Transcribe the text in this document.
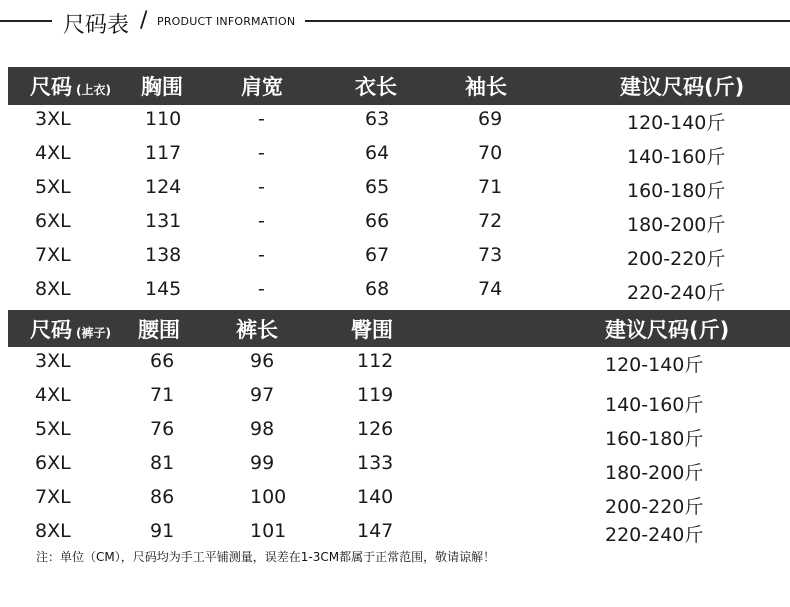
尺码表 / PRODUCT INFORMATION
尺码 (上衣) 胸围	肩宽	衣长	袖长	建议尺码(斤)
3XL	110	-	63	69	120-140斤
4XL	117	-	64	70	140-160斤
5XL	124	-	65	71	160-180斤
6XL	131	-	66	72	180-200斤
7XL	138	-	67	73	200-220斤
8XL	145	-	68	74	220-240斤
尺码 (裤子) 腰围	裤长	臀围	建议尺码(斤)
3XL	66	96	112	120-140斤
4XL	71	97	119	140-160斤
5XL	76	98	126	160-180斤
6XL	81	99	133	180-200斤
7XL	86	100	140	200-220斤
8XL	91	101	147	220-240斤
注：单位（CM），尺码均为手工平铺测量，误差在1-3CM都属于正常范围，敬请谅解！
